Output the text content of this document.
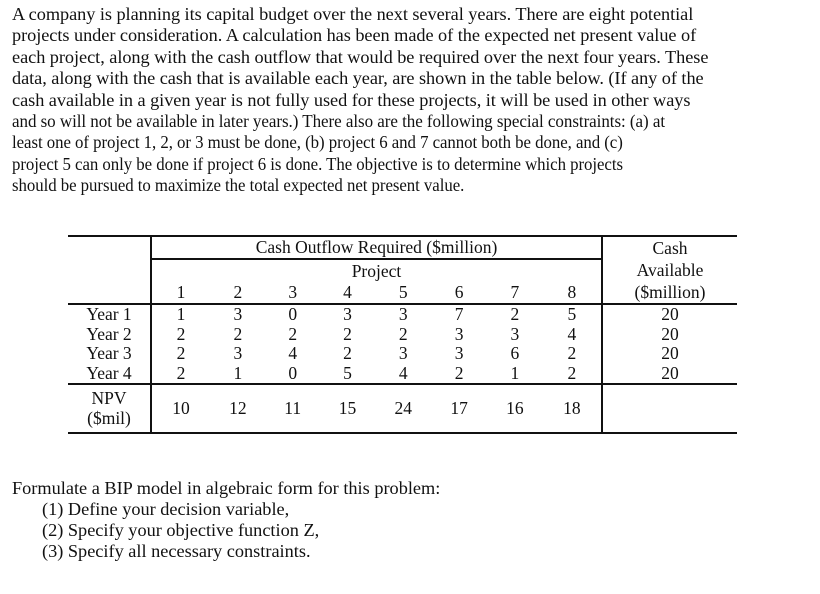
A company is planning its capital budget over the next several years. There are eight potential
projects under consideration. A calculation has been made of the expected net present value of
each project, along with the cash outflow that would be required over the next four years. These
data, along with the cash that is available each year, are shown in the table below. (If any of the
cash available in a given year is not fully used for these projects, it will be used in other ways
and so will not be available in later years.) There also are the following special constraints: (a) at
least one of project 1, 2, or 3 must be done, (b) project 6 and 7 cannot both be done, and (c)
project 5 can only be done if project 6 is done. The objective is to determine which projects
should be pursued to maximize the total expected net present value.
	Cash Outflow Required ($million)								Cash
Available
($million)
	Project								
	1	2	3	4	5	6	7	8	
Year 1	1	3	0	3	3	7	2	5	20
Year 2	2	2	2	2	2	3	3	4	20
Year 3	2	3	4	2	3	3	6	2	20
Year 4	2	1	0	5	4	2	1	2	20
NPV
($mil)	10	12	11	15	24	17	16	18	
Formulate a BIP model in algebraic form for this problem:
(1) Define your decision variable,
(2) Specify your objective function Z,
(3) Specify all necessary constraints.
